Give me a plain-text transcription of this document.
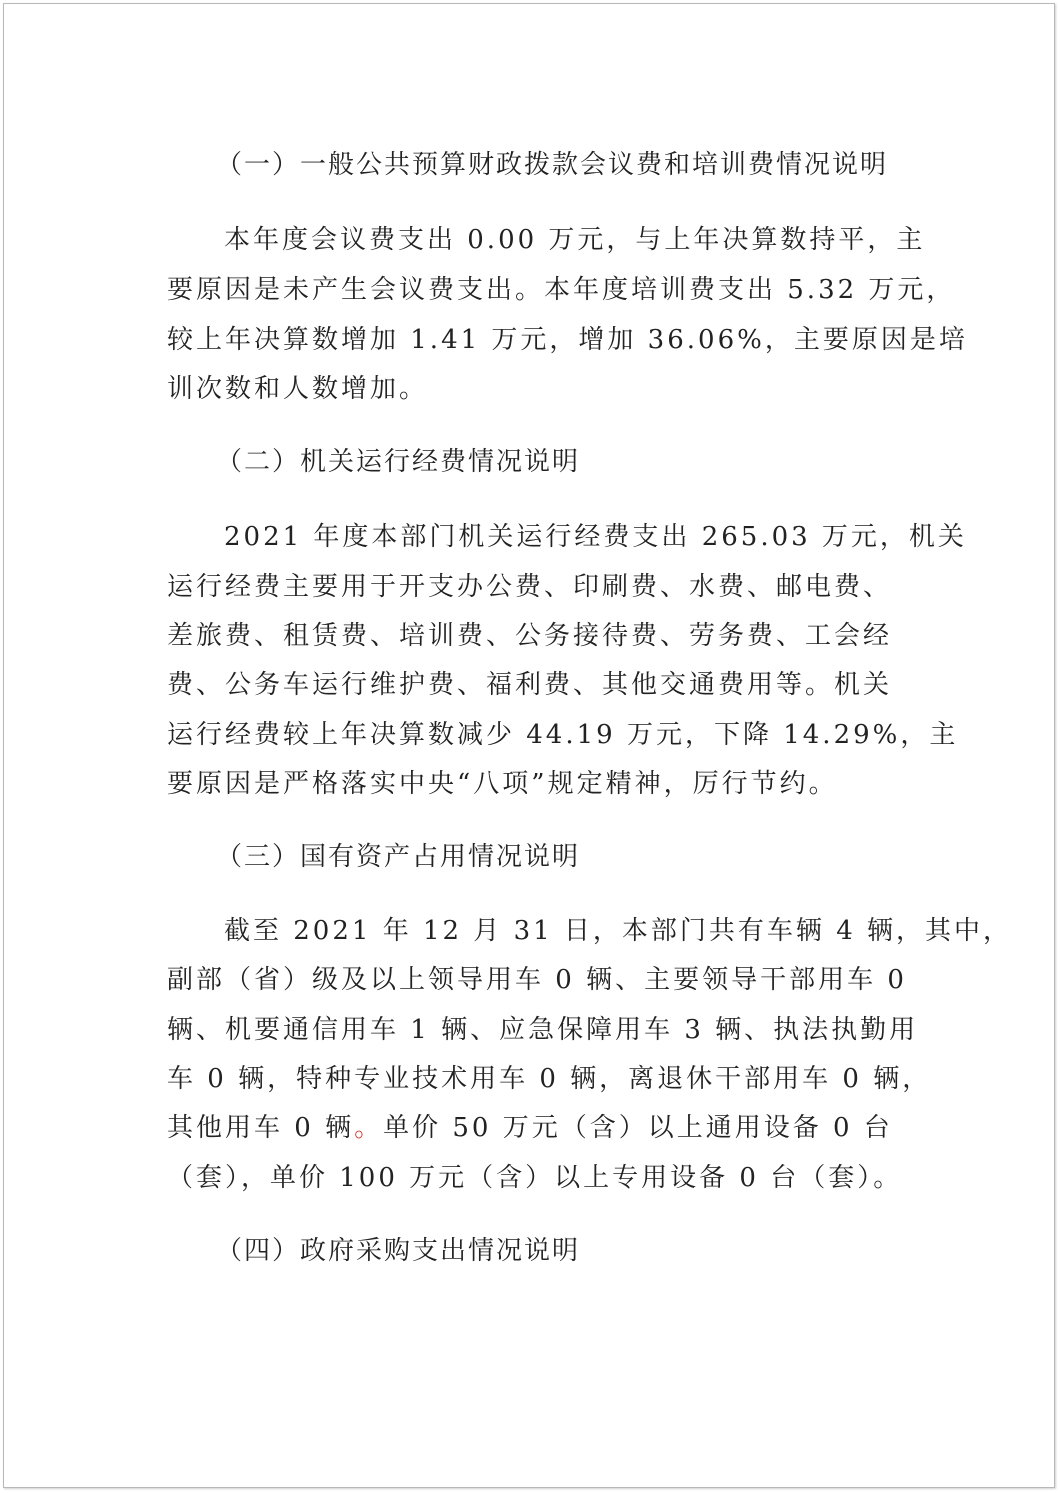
（一）一般公共预算财政拨款会议费和培训费情况说明
本年度会议费支出 0.00 万元，与上年决算数持平，主
要原因是未产生会议费支出。本年度培训费支出 5.32 万元，
较上年决算数增加 1.41 万元，增加 36.06%，主要原因是培
训次数和人数增加。
（二）机关运行经费情况说明
2021 年度本部门机关运行经费支出 265.03 万元，机关
运行经费主要用于开支办公费、印刷费、水费、邮电费、
差旅费、租赁费、培训费、公务接待费、劳务费、工会经
费、公务车运行维护费、福利费、其他交通费用等。机关
运行经费较上年决算数减少 44.19 万元，下降 14.29%，主
要原因是严格落实中央“八项”规定精神，厉行节约。
（三）国有资产占用情况说明
截至 2021 年 12 月 31 日，本部门共有车辆 4 辆，其中，
副部（省）级及以上领导用车 0 辆、主要领导干部用车 0
辆、机要通信用车 1 辆、应急保障用车 3 辆、执法执勤用
车 0 辆，特种专业技术用车 0 辆，离退休干部用车 0 辆，
其他用车 0 辆。单价 50 万元（含）以上通用设备 0 台
（套），单价 100 万元（含）以上专用设备 0 台（套）。
（四）政府采购支出情况说明
